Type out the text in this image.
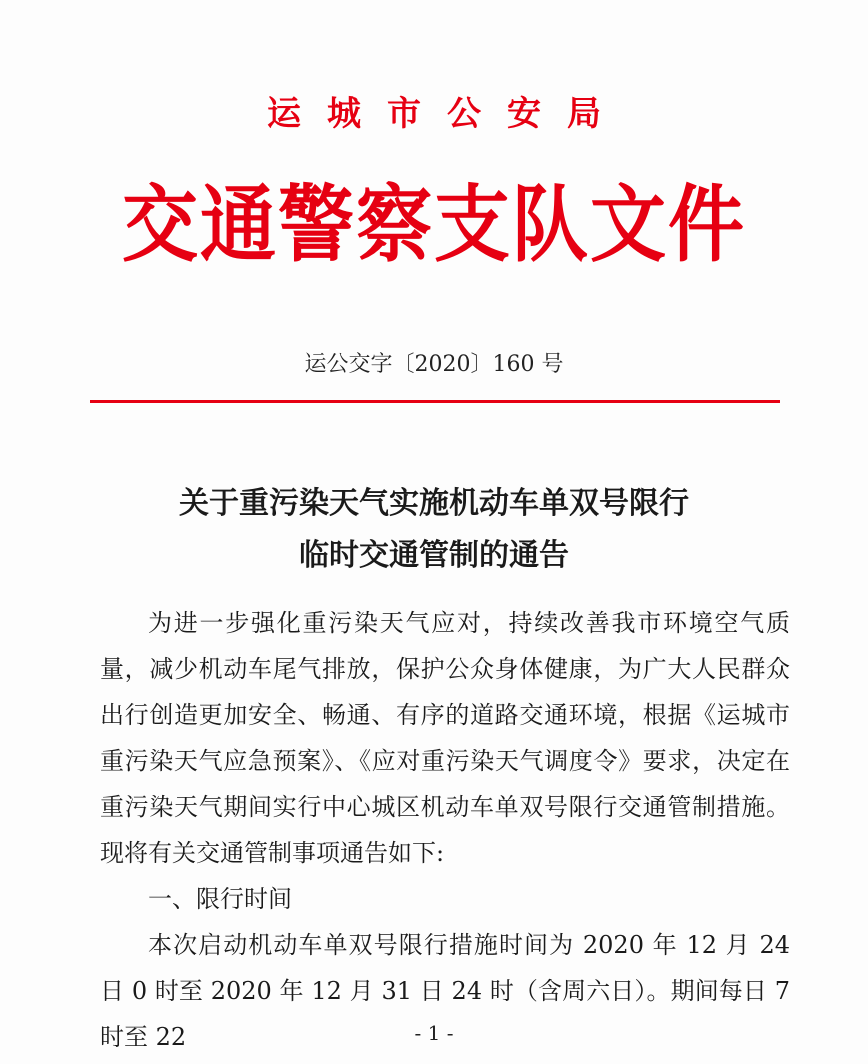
运城市公安局
交通警察支队文件
运公交字〔2020〕160 号
关于重污染天气实施机动车单双号限行
临时交通管制的通告

为进一步强化重污染天气应对，持续改善我市环境空气质量，减少机动车尾气排放，保护公众身体健康，为广大人民群众出行创造更加安全、畅通、有序的道路交通环境，根据《运城市重污染天气应急预案》、《应对重污染天气调度令》要求，决定在重污染天气期间实行中心城区机动车单双号限行交通管制措施。现将有关交通管制事项通告如下:

一、限行时间

本次启动机动车单双号限行措施时间为 2020 年 12 月 24 日 0 时至 2020 年 12 月 31 日 24 时（含周六日）。期间每日 7 时至 22	- 1 -
